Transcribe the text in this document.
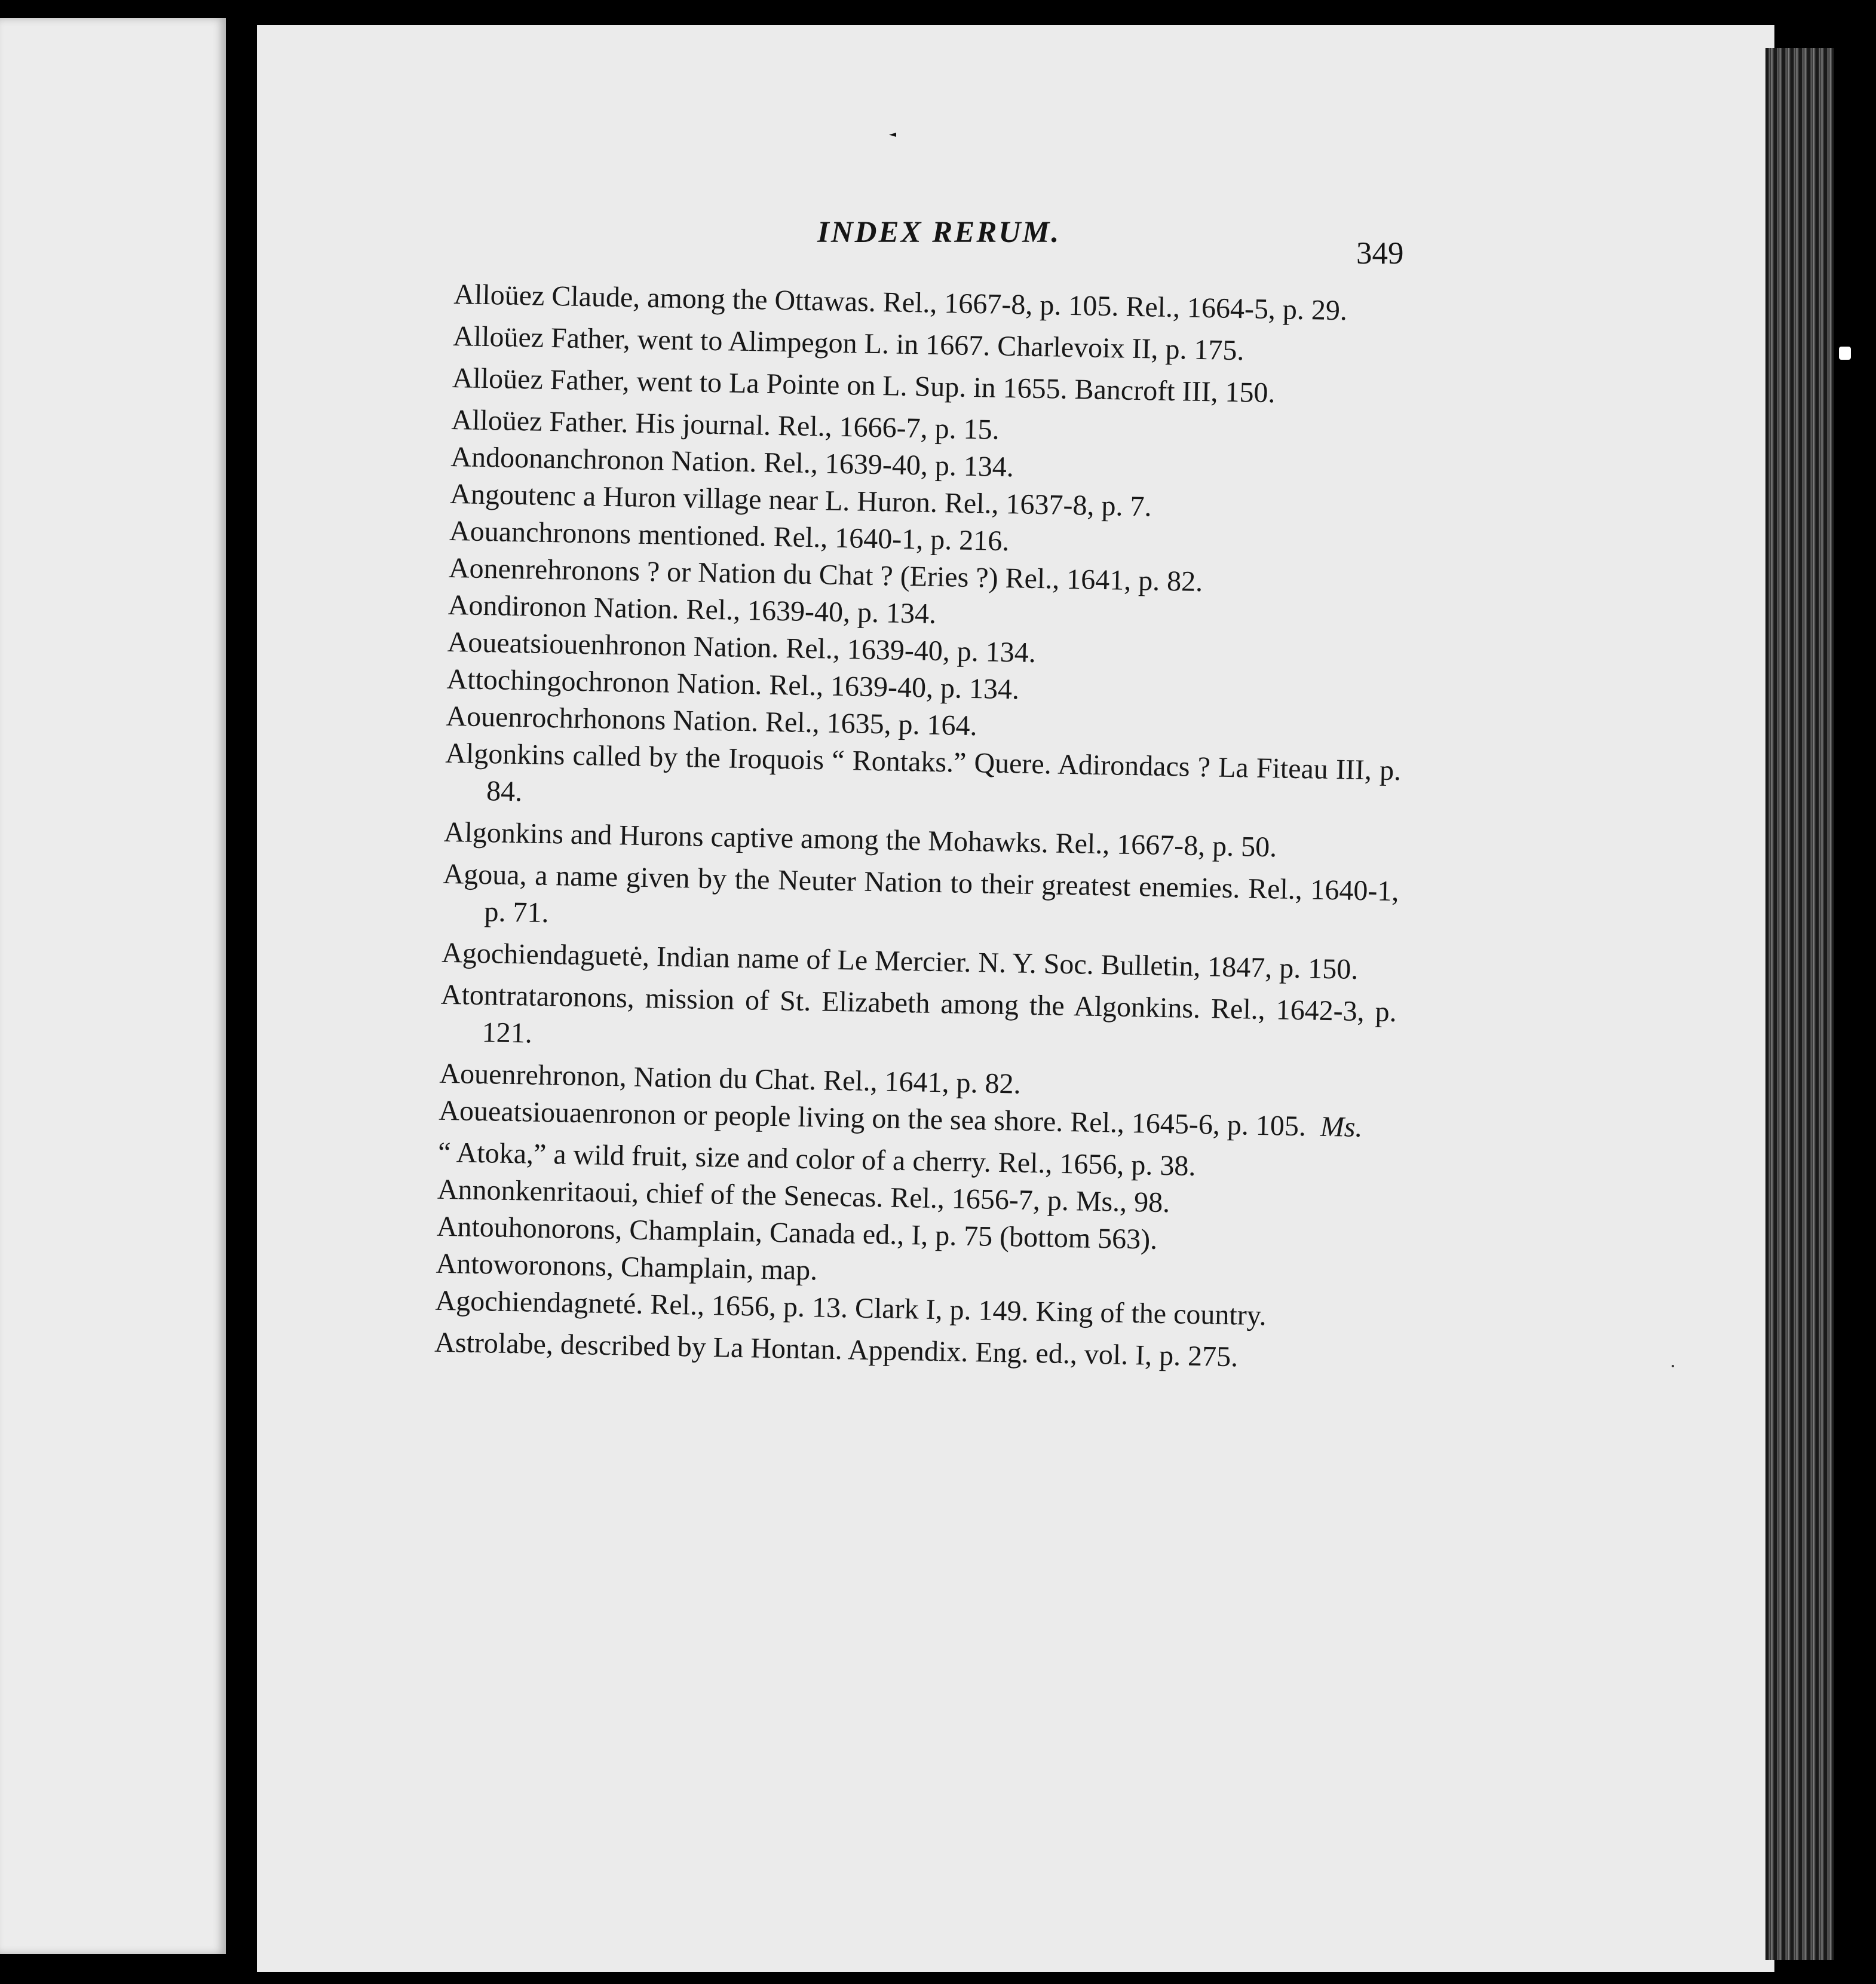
INDEX RERUM.
349
Alloüez Claude, among the Ottawas. Rel., 1667-8, p. 105. Rel., 1664-5, p. 29.
Alloüez Father, went to Alimpegon L. in 1667. Charlevoix II, p. 175.
Alloüez Father, went to La Pointe on L. Sup. in 1655. Bancroft III, 150.
Alloüez Father. His journal. Rel., 1666-7, p. 15.
Andoonanchronon Nation. Rel., 1639-40, p. 134.
Angoutenc a Huron village near L. Huron. Rel., 1637-8, p. 7.
Aouanchronons mentioned. Rel., 1640-1, p. 216.
Aonenrehronons ? or Nation du Chat ? (Eries ?) Rel., 1641, p. 82.
Aondironon Nation. Rel., 1639-40, p. 134.
Aoueatsiouenhronon Nation. Rel., 1639-40, p. 134.
Attochingochronon Nation. Rel., 1639-40, p. 134.
Aouenrochrhonons Nation. Rel., 1635, p. 164.
Algonkins called by the Iroquois “ Rontaks.” Quere. Adirondacs ? La Fiteau III, p. 84.
Algonkins and Hurons captive among the Mohawks. Rel., 1667-8, p. 50.
Agoua, a name given by the Neuter Nation to their greatest enemies. Rel., 1640-1, p. 71.
Agochiendaguetė, Indian name of Le Mercier. N. Y. Soc. Bulletin, 1847, p. 150.
Atontrataronons, mission of St. Elizabeth among the Algonkins. Rel., 1642-3, p. 121.
Aouenrehronon, Nation du Chat. Rel., 1641, p. 82.
Aoueatsiouaenronon or people living on the sea shore. Rel., 1645-6, p. 105. Ms.
“ Atoka,” a wild fruit, size and color of a cherry. Rel., 1656, p. 38.
Annonkenritaoui, chief of the Senecas. Rel., 1656-7, p. Ms., 98.
Antouhonorons, Champlain, Canada ed., I, p. 75 (bottom 563).
Antoworonons, Champlain, map.
Agochiendagneté. Rel., 1656, p. 13. Clark I, p. 149. King of the country.
Astrolabe, described by La Hontan. Appendix. Eng. ed., vol. I, p. 275.
